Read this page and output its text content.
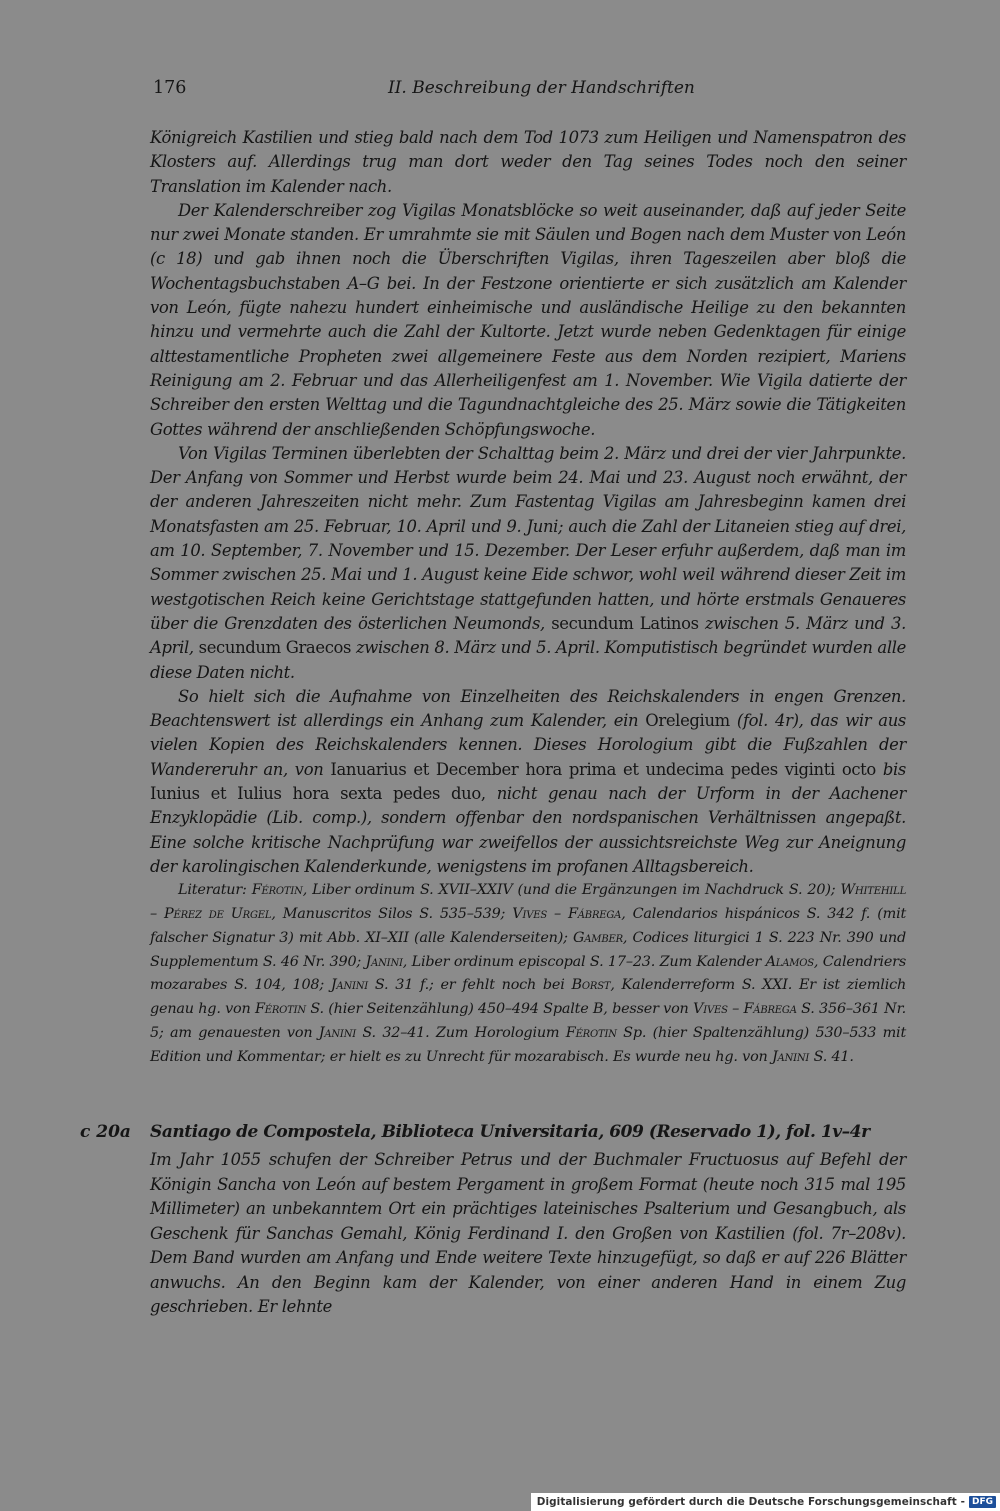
176	II. Beschreibung der Handschriften

Königreich Kastilien und stieg bald nach dem Tod 1073 zum Heiligen und Namenspatron des Klosters auf. Allerdings trug man dort weder den Tag seines Todes noch den seiner Translation im Kalender nach.

Der Kalenderschreiber zog Vigilas Monatsblöcke so weit auseinander, daß auf jeder Seite nur zwei Monate standen. Er umrahmte sie mit Säulen und Bogen nach dem Muster von León (c 18) und gab ihnen noch die Überschriften Vigilas, ihren Tageszeilen aber bloß die Wochentagsbuchstaben A–G bei. In der Festzone orientierte er sich zusätzlich am Kalender von León, fügte nahezu hundert einheimische und ausländische Heilige zu den bekannten hinzu und vermehrte auch die Zahl der Kultorte. Jetzt wurde neben Gedenktagen für einige alttestamentliche Propheten zwei allgemeinere Feste aus dem Norden rezipiert, Mariens Reinigung am 2. Februar und das Allerheiligenfest am 1. November. Wie Vigila datierte der Schreiber den ersten Welttag und die Tagundnachtgleiche des 25. März sowie die Tätigkeiten Gottes während der anschließenden Schöpfungswoche.

Von Vigilas Terminen überlebten der Schalttag beim 2. März und drei der vier Jahrpunkte. Der Anfang von Sommer und Herbst wurde beim 24. Mai und 23. August noch erwähnt, der der anderen Jahreszeiten nicht mehr. Zum Fastentag Vigilas am Jahresbeginn kamen drei Monatsfasten am 25. Februar, 10. April und 9. Juni; auch die Zahl der Litaneien stieg auf drei, am 10. September, 7. November und 15. Dezember. Der Leser erfuhr außerdem, daß man im Sommer zwischen 25. Mai und 1. August keine Eide schwor, wohl weil während dieser Zeit im westgotischen Reich keine Gerichtstage stattgefunden hatten, und hörte erstmals Genaueres über die Grenzdaten des österlichen Neumonds, secundum Latinos zwischen 5. März und 3. April, secundum Graecos zwischen 8. März und 5. April. Komputistisch begründet wurden alle diese Daten nicht.

So hielt sich die Aufnahme von Einzelheiten des Reichskalenders in engen Grenzen. Beachtenswert ist allerdings ein Anhang zum Kalender, ein Orelegium (fol. 4r), das wir aus vielen Kopien des Reichskalenders kennen. Dieses Horologium gibt die Fußzahlen der Wandereruhr an, von Ianuarius et December hora prima et undecima pedes viginti octo bis Iunius et Iulius hora sexta pedes duo, nicht genau nach der Urform in der Aachener Enzyklopädie (Lib. comp.), sondern offenbar den nordspanischen Verhältnissen angepaßt. Eine solche kritische Nachprüfung war zweifellos der aussichtsreichste Weg zur Aneignung der karolingischen Kalenderkunde, wenigstens im profanen Alltagsbereich.

Literatur: Férotin, Liber ordinum S. XVII–XXIV (und die Ergänzungen im Nachdruck S. 20); Whitehill – Pérez de Urgel, Manuscritos Silos S. 535–539; Vives – Fábrega, Calendarios hispánicos S. 342 f. (mit falscher Signatur 3) mit Abb. XI–XII (alle Kalenderseiten); Gamber, Codices liturgici 1 S. 223 Nr. 390 und Supplementum S. 46 Nr. 390; Janini, Liber ordinum episcopal S. 17–23. Zum Kalender Alamos, Calendriers mozarabes S. 104, 108; Janini S. 31 f.; er fehlt noch bei Borst, Kalenderreform S. XXI. Er ist ziemlich genau hg. von Férotin S. (hier Seitenzählung) 450–494 Spalte B, besser von Vives – Fábrega S. 356–361 Nr. 5; am genauesten von Janini S. 32–41. Zum Horologium Férotin Sp. (hier Spaltenzählung) 530–533 mit Edition und Kommentar; er hielt es zu Unrecht für mozarabisch. Es wurde neu hg. von Janini S. 41.

c 20a Santiago de Compostela, Biblioteca Universitaria, 609 (Reservado 1), fol. 1v–4r

Im Jahr 1055 schufen der Schreiber Petrus und der Buchmaler Fructuosus auf Befehl der Königin Sancha von León auf bestem Pergament in großem Format (heute noch 315 mal 195 Millimeter) an unbekanntem Ort ein prächtiges lateinisches Psalterium und Gesangbuch, als Geschenk für Sanchas Gemahl, König Ferdinand I. den Großen von Kastilien (fol. 7r–208v). Dem Band wurden am Anfang und Ende weitere Texte hinzugefügt, so daß er auf 226 Blätter anwuchs. An den Beginn kam der Kalender, von einer anderen Hand in einem Zug geschrieben. Er lehnte

Digitalisierung gefördert durch die Deutsche Forschungsgemeinschaft - DFG
